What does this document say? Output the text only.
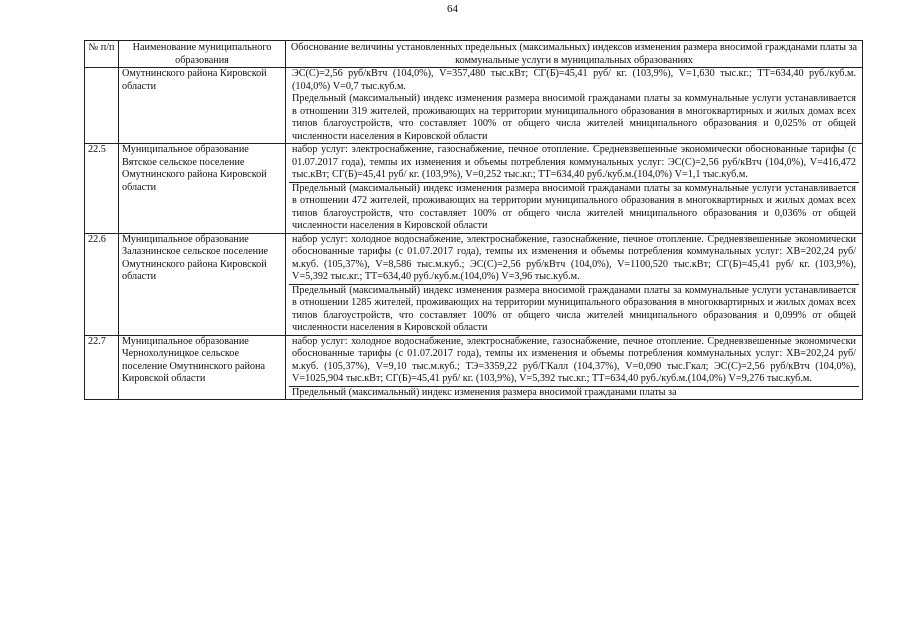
64
№ п/п	Наименование муниципального образования	Обоснование величины установленных предельных (максимальных) индексов изменения размера вносимой гражданами платы за коммунальные услуги в муниципальных образованиях
	Омутнинского района Кировской области	ЭС(С)=2,56 руб/кВтч (104,0%), V=357,480 тыс.кВт; СГ(Б)=45,41 руб/ кг. (103,9%), V=1,630 тыс.кг.; ТТ=634,40 руб./куб.м.(104,0%) V=0,7 тыс.куб.м.
Предельный (максимальный) индекс изменения размера вносимой гражданами платы за коммунальные услуги устанавливается в отношении 319 жителей, проживающих на территории муниципального образования в многоквартирных и жилых домах всех типов благоустройств, что составляет 100% от общего числа жителей мниципального образования и 0,025% от общей численности населения в Кировской области

22.5	Муниципальное образование Вятское сельское поселение Омутнинского района Кировской области	набор услуг: электроснабжение, газоснабжение, печное отопление. Средневзвешенные экономически обоснованные тарифы (с 01.07.2017 года), темпы их изменения и объемы потребления коммунальных услуг: ЭС(С)=2,56 руб/кВтч (104,0%), V=416,472 тыс.кВт; СГ(Б)=45,41 руб/ кг. (103,9%), V=0,252 тыс.кг.; ТТ=634,40 руб./куб.м.(104,0%) V=1,1 тыс.куб.м.
Предельный (максимальный) индекс изменения размера вносимой гражданами платы за коммунальные услуги устанавливается в отношении 472 жителей, проживающих на территории муниципального образования в многоквартирных и жилых домах всех типов благоустройств, что составляет 100% от общего числа жителей мниципального образования и 0,036% от общей численности населения в Кировской области

22.6	Муниципальное образование Залазнинское сельское поселение Омутнинского района Кировской области	набор услуг: холодное водоснабжение, электроснабжение, газоснабжение, печное отопление. Средневзвешенные экономически обоснованные тарифы (с 01.07.2017 года), темпы их изменения и объемы потребления коммунальных услуг: ХВ=202,24 руб/м.куб. (105,37%), V=8,586 тыс.м.куб.; ЭС(С)=2,56 руб/кВтч (104,0%), V=1100,520 тыс.кВт; СГ(Б)=45,41 руб/ кг. (103,9%), V=5,392 тыс.кг.; ТТ=634,40 руб./куб.м.(104,0%) V=3,96 тыс.куб.м.
Предельный (максимальный) индекс изменения размера вносимой гражданами платы за коммунальные услуги устанавливается в отношении 1285 жителей, проживающих на территории муниципального образования в многоквартирных и жилых домах всех типов благоустройств, что составляет 100% от общего числа жителей мниципального образования и 0,099% от общей численности населения в Кировской области

22.7	Муниципальное образование Чернохолуницкое сельское поселение Омутнинского района Кировской области	набор услуг: холодное водоснабжение, электроснабжение, газоснабжение, печное отопление. Средневзвешенные экономически обоснованные тарифы (с 01.07.2017 года), темпы их изменения и объемы потребления коммунальных услуг: ХВ=202,24 руб/м.куб. (105,37%), V=9,10 тыс.м.куб.; ТЭ=3359,22 руб/ГКалл (104,37%), V=0,090 тыс.Гкал; ЭС(С)=2,56 руб/кВтч (104,0%), V=1025,904 тыс.кВт; СГ(Б)=45,41 руб/ кг. (103,9%), V=5,392 тыс.кг.; ТТ=634,40 руб./куб.м.(104,0%) V=9,276 тыс.куб.м.
Предельный (максимальный) индекс изменения размера вносимой гражданами платы за
